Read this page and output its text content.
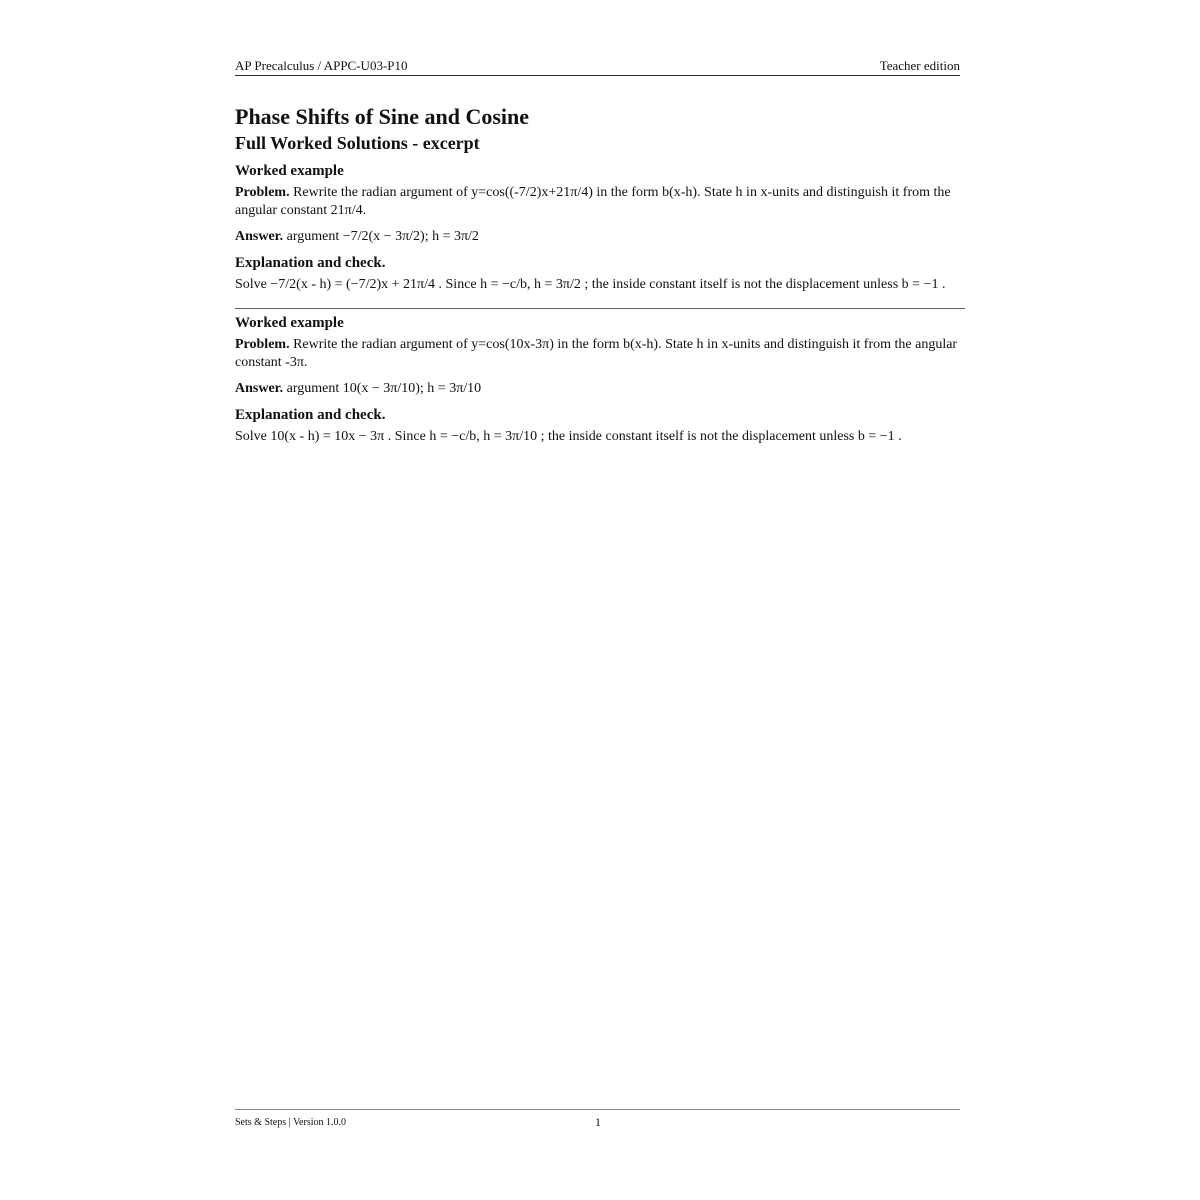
AP Precalculus / APPC-U03-P10	Teacher edition
Phase Shifts of Sine and Cosine
Full Worked Solutions - excerpt
Worked example
Problem. Rewrite the radian argument of y=cos((-7/2)x+21π/4) in the form b(x-h). State h in x-units and distinguish it from the angular constant 21π/4.
Answer. argument −7/2(x − 3π/2); h = 3π/2
Explanation and check.
Solve −7/2(x - h) = (−7/2)x + 21π/4 . Since h = −c/b, h = 3π/2 ; the inside constant itself is not the displacement unless b = −1 .
Worked example
Problem. Rewrite the radian argument of y=cos(10x-3π) in the form b(x-h). State h in x-units and distinguish it from the angular constant -3π.
Answer. argument 10(x − 3π/10); h = 3π/10
Explanation and check.
Solve 10(x - h) = 10x − 3π . Since h = −c/b, h = 3π/10 ; the inside constant itself is not the displacement unless b = −1 .
Sets & Steps | Version 1.0.0	1
